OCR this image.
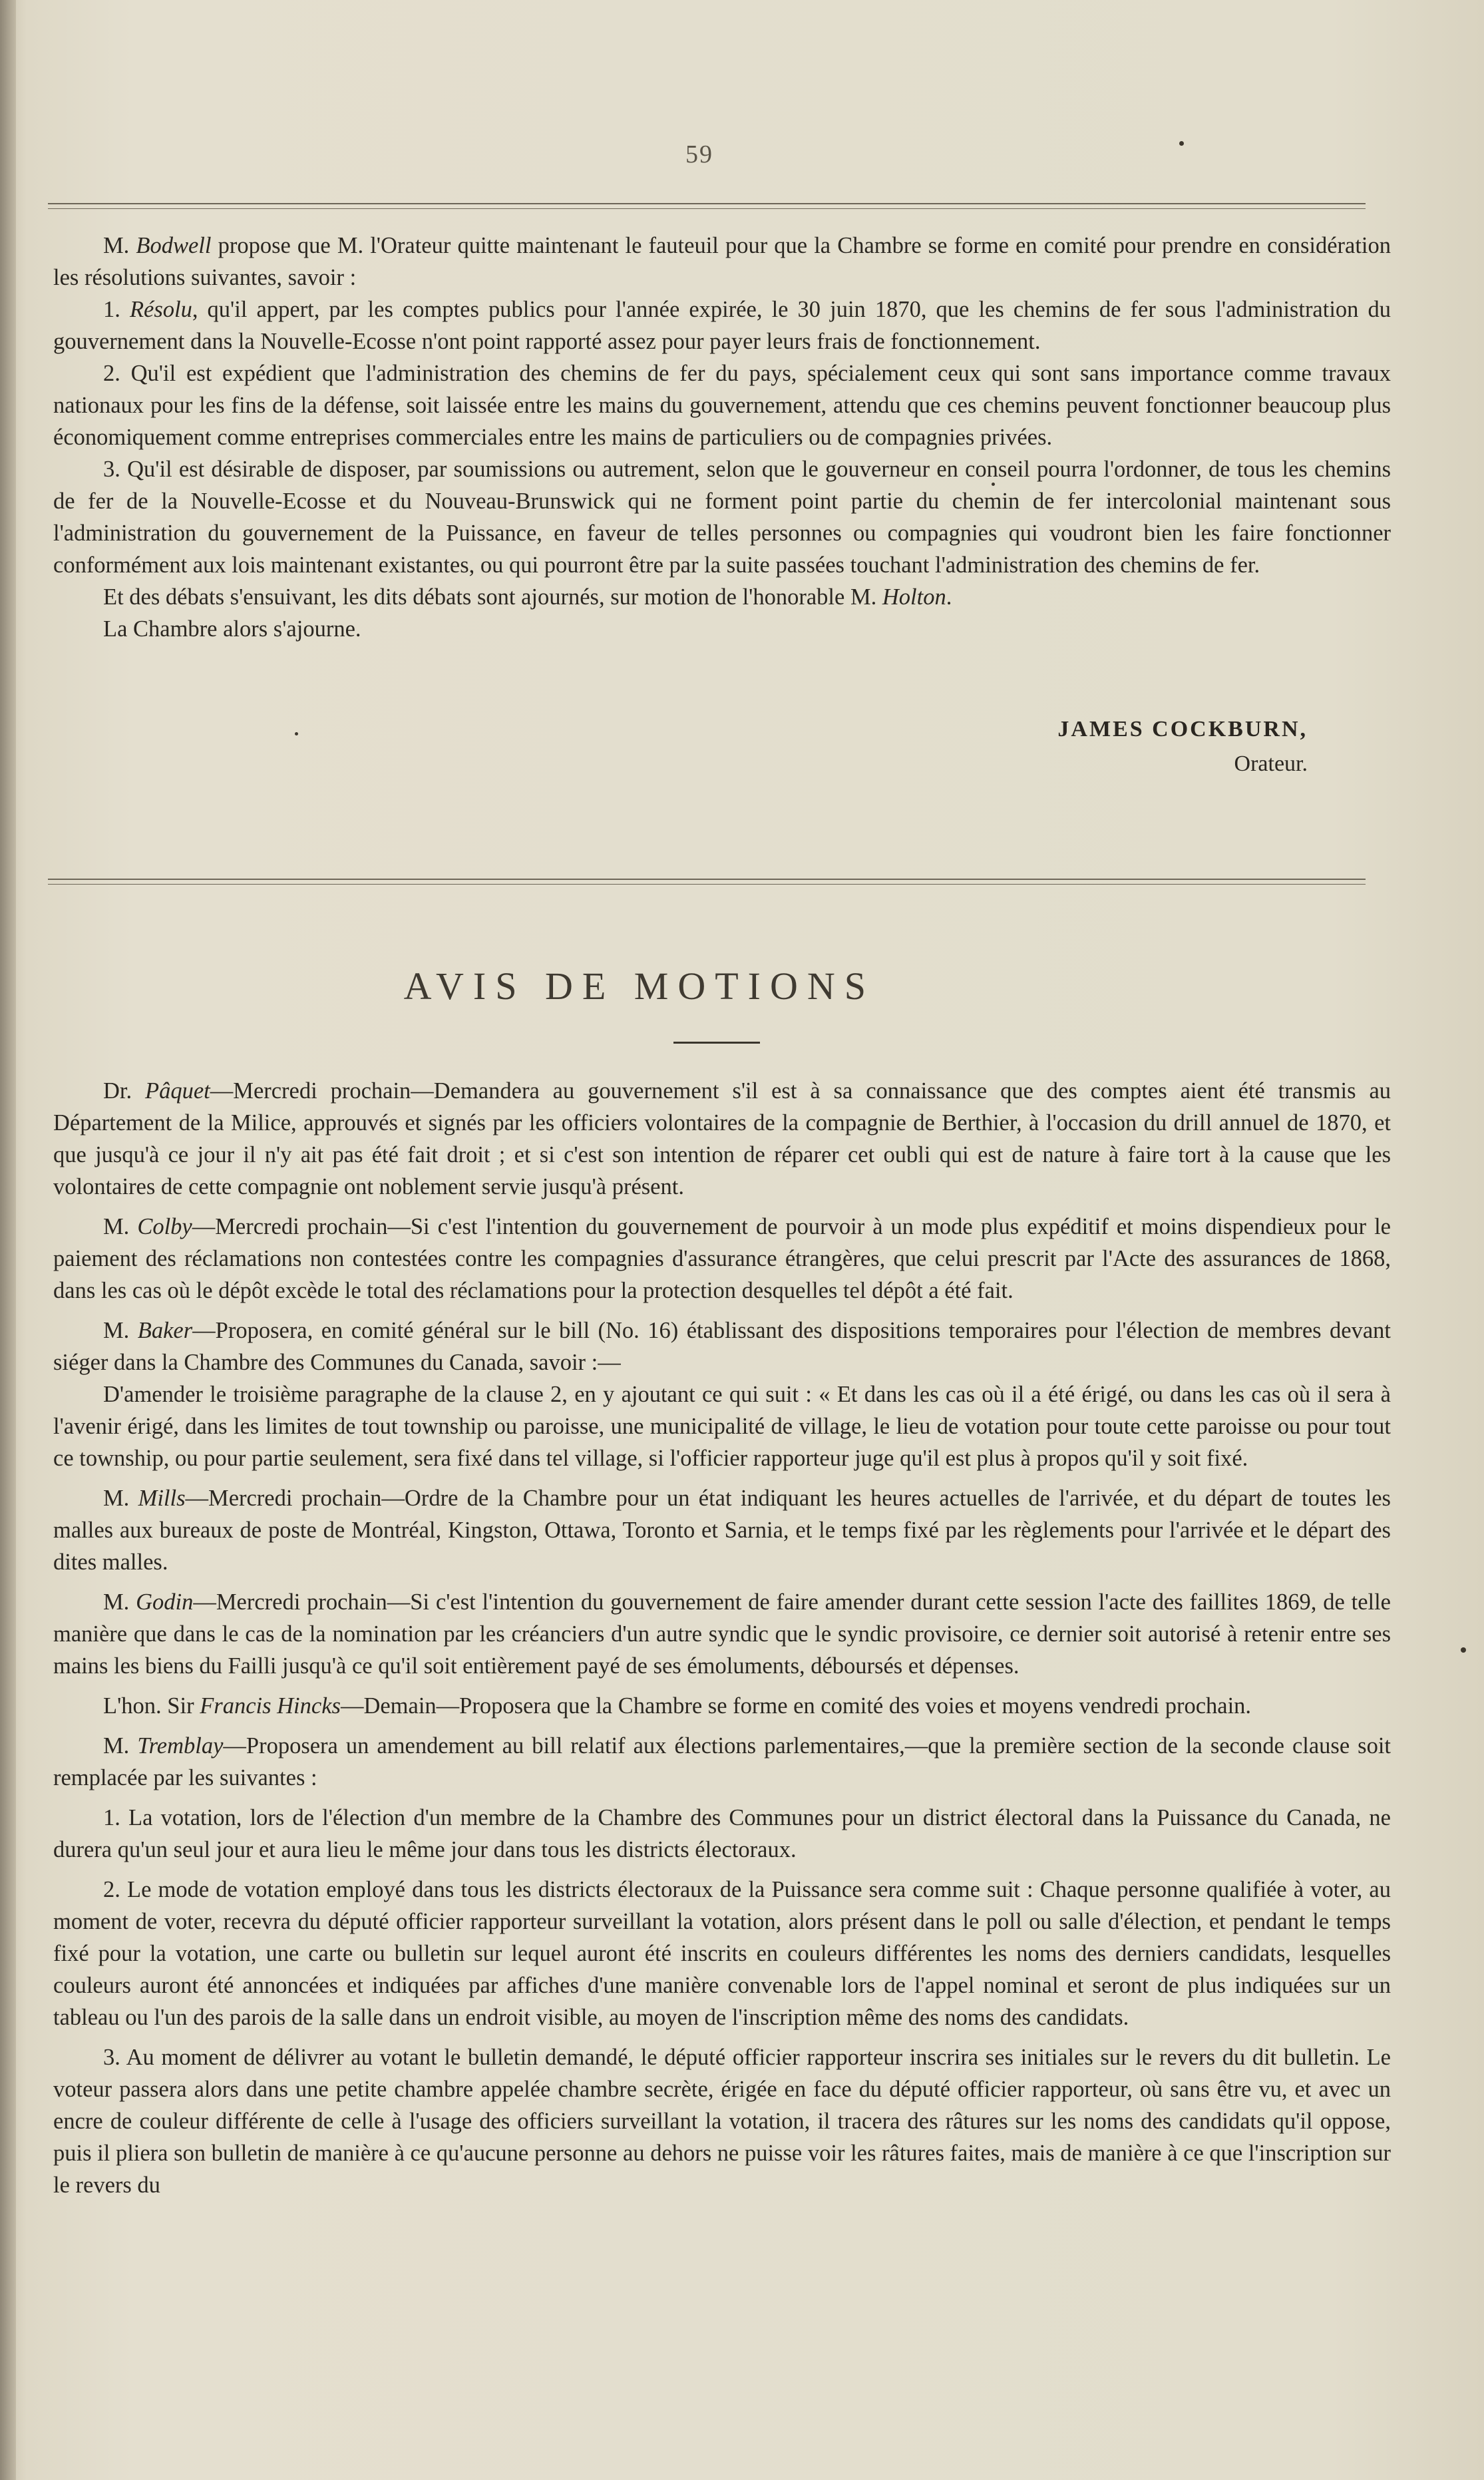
59

M. Bodwell propose que M. l'Orateur quitte maintenant le fauteuil pour que la Chambre se forme en comité pour prendre en considération les résolutions suivantes, savoir :

1. Résolu, qu'il appert, par les comptes publics pour l'année expirée, le 30 juin 1870, que les chemins de fer sous l'administration du gouvernement dans la Nouvelle-Ecosse n'ont point rapporté assez pour payer leurs frais de fonctionnement.

2. Qu'il est expédient que l'administration des chemins de fer du pays, spécialement ceux qui sont sans importance comme travaux nationaux pour les fins de la défense, soit laissée entre les mains du gouvernement, attendu que ces chemins peuvent fonctionner beaucoup plus économiquement comme entreprises commerciales entre les mains de particuliers ou de compagnies privées.

3. Qu'il est désirable de disposer, par soumissions ou autrement, selon que le gouverneur en conseil pourra l'ordonner, de tous les chemins de fer de la Nouvelle-Ecosse et du Nouveau-Brunswick qui ne forment point partie du chemin de fer intercolonial maintenant sous l'administration du gouvernement de la Puissance, en faveur de telles personnes ou compagnies qui voudront bien les faire fonctionner conformément aux lois maintenant existantes, ou qui pourront être par la suite passées touchant l'administration des chemins de fer.

Et des débats s'ensuivant, les dits débats sont ajournés, sur motion de l'honorable M. Holton.

La Chambre alors s'ajourne.

JAMES COCKBURN,
Orateur.
AVIS DE MOTIONS

Dr. Pâquet—Mercredi prochain—Demandera au gouvernement s'il est à sa connaissance que des comptes aient été transmis au Département de la Milice, approuvés et signés par les officiers volontaires de la compagnie de Berthier, à l'occasion du drill annuel de 1870, et que jusqu'à ce jour il n'y ait pas été fait droit ; et si c'est son intention de réparer cet oubli qui est de nature à faire tort à la cause que les volontaires de cette compagnie ont noblement servie jusqu'à présent.

M. Colby—Mercredi prochain—Si c'est l'intention du gouvernement de pourvoir à un mode plus expéditif et moins dispendieux pour le paiement des réclamations non contestées contre les compagnies d'assurance étrangères, que celui prescrit par l'Acte des assurances de 1868, dans les cas où le dépôt excède le total des réclamations pour la protection desquelles tel dépôt a été fait.

M. Baker—Proposera, en comité général sur le bill (No. 16) établissant des dispositions temporaires pour l'élection de membres devant siéger dans la Chambre des Communes du Canada, savoir :—

D'amender le troisième paragraphe de la clause 2, en y ajoutant ce qui suit : « Et dans les cas où il a été érigé, ou dans les cas où il sera à l'avenir érigé, dans les limites de tout township ou paroisse, une municipalité de village, le lieu de votation pour toute cette paroisse ou pour tout ce township, ou pour partie seulement, sera fixé dans tel village, si l'officier rapporteur juge qu'il est plus à propos qu'il y soit fixé.

M. Mills—Mercredi prochain—Ordre de la Chambre pour un état indiquant les heures actuelles de l'arrivée, et du départ de toutes les malles aux bureaux de poste de Montréal, Kingston, Ottawa, Toronto et Sarnia, et le temps fixé par les règlements pour l'arrivée et le départ des dites malles.

M. Godin—Mercredi prochain—Si c'est l'intention du gouvernement de faire amender durant cette session l'acte des faillites 1869, de telle manière que dans le cas de la nomination par les créanciers d'un autre syndic que le syndic provisoire, ce dernier soit autorisé à retenir entre ses mains les biens du Failli jusqu'à ce qu'il soit entièrement payé de ses émoluments, déboursés et dépenses.

L'hon. Sir Francis Hincks—Demain—Proposera que la Chambre se forme en comité des voies et moyens vendredi prochain.

M. Tremblay—Proposera un amendement au bill relatif aux élections parlementaires,—que la première section de la seconde clause soit remplacée par les suivantes :

1. La votation, lors de l'élection d'un membre de la Chambre des Communes pour un district électoral dans la Puissance du Canada, ne durera qu'un seul jour et aura lieu le même jour dans tous les districts électoraux.

2. Le mode de votation employé dans tous les districts électoraux de la Puissance sera comme suit : Chaque personne qualifiée à voter, au moment de voter, recevra du député officier rapporteur surveillant la votation, alors présent dans le poll ou salle d'élection, et pendant le temps fixé pour la votation, une carte ou bulletin sur lequel auront été inscrits en couleurs différentes les noms des derniers candidats, lesquelles couleurs auront été annoncées et indiquées par affiches d'une manière convenable lors de l'appel nominal et seront de plus indiquées sur un tableau ou l'un des parois de la salle dans un endroit visible, au moyen de l'inscription même des noms des candidats.

3. Au moment de délivrer au votant le bulletin demandé, le député officier rapporteur inscrira ses initiales sur le revers du dit bulletin. Le voteur passera alors dans une petite chambre appelée chambre secrète, érigée en face du député officier rapporteur, où sans être vu, et avec un encre de couleur différente de celle à l'usage des officiers surveillant la votation, il tracera des râtures sur les noms des candidats qu'il oppose, puis il pliera son bulletin de manière à ce qu'aucune personne au dehors ne puisse voir les râtures faites, mais de manière à ce que l'inscription sur le revers du
